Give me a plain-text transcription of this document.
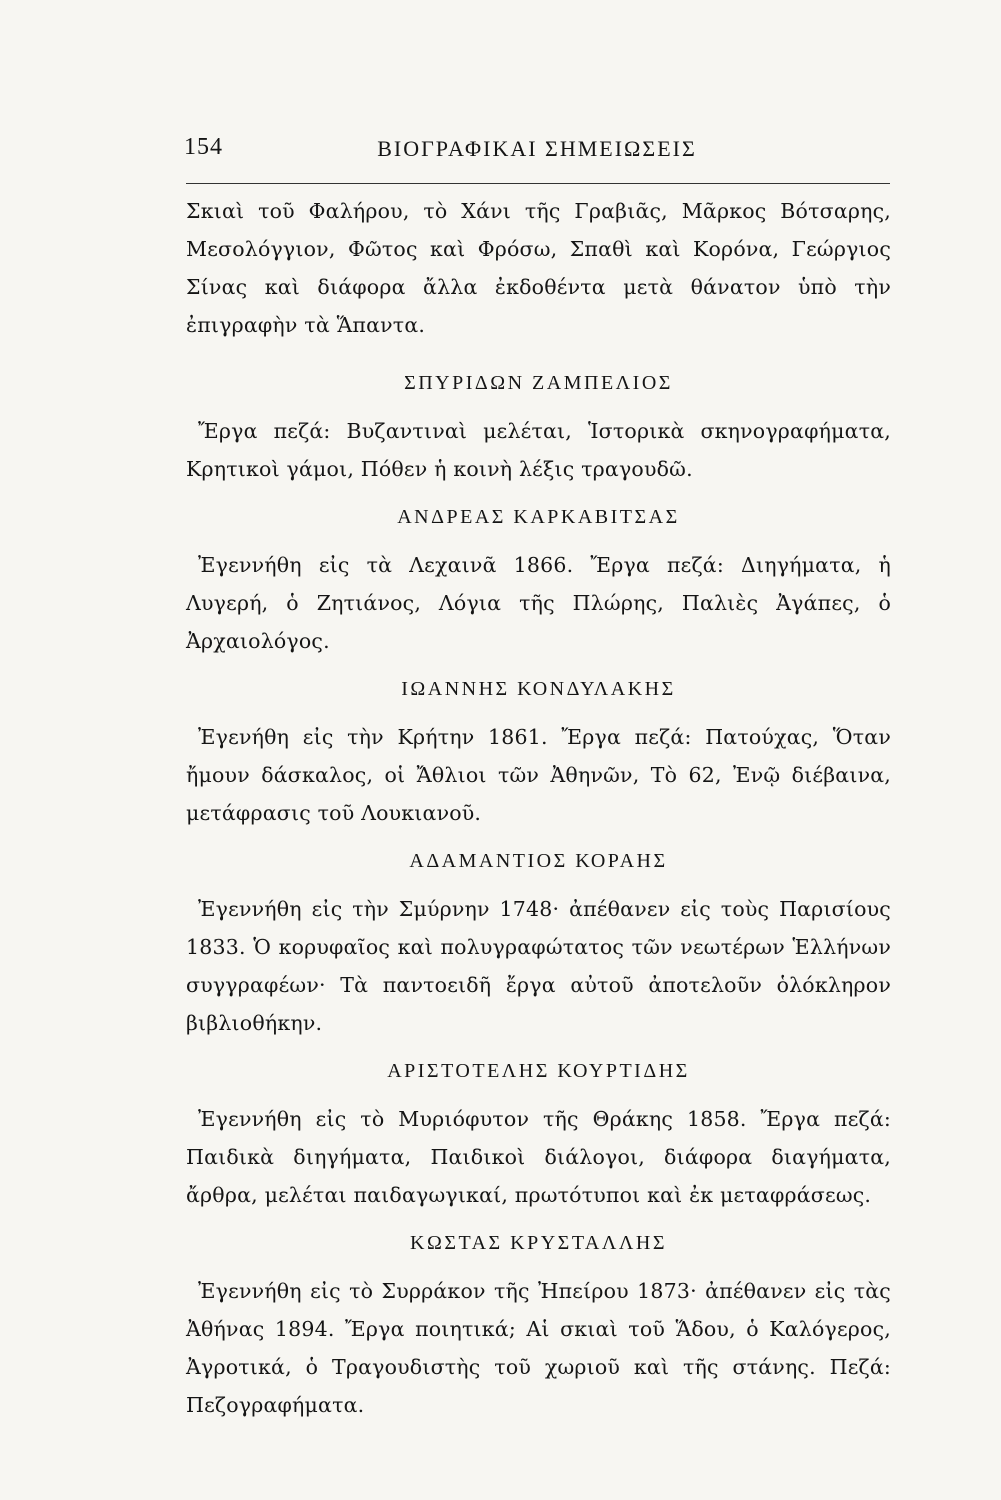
154	ΒΙΟΓΡΑΦΙΚΑΙ ΣΗΜΕΙΩΣΕΙΣ

Σκιαὶ τοῦ Φαλήρου, τὸ Χάνι τῆς Γραβιᾶς, Μᾶρκος Βότσαρης, Μεσολόγγιον, Φῶτος καὶ Φρόσω, Σπαθὶ καὶ Κορόνα, Γεώργιος Σίνας καὶ διάφορα ἄλλα ἐκδοθέντα μετὰ θάνατον ὑπὸ τὴν ἐπιγραφὴν τὰ Ἅπαντα.

ΣΠΥΡΙΔΩΝ ΖΑΜΠΕΛΙΟΣ

Ἔργα πεζά: Βυζαντιναὶ μελέται, Ἱστορικὰ σκηνογραφήματα, Κρητικοὶ γάμοι, Πόθεν ἡ κοινὴ λέξις τραγουδῶ.

ΑΝΔΡΕΑΣ ΚΑΡΚΑΒΙΤΣΑΣ

Ἐγεννήθη εἰς τὰ Λεχαινᾶ 1866. Ἔργα πεζά: Διηγήματα, ἡ Λυγερή, ὁ Ζητιάνος, Λόγια τῆς Πλώρης, Παλιὲς Ἀγάπες, ὁ Ἀρχαιολόγος.

ΙΩΑΝΝΗΣ ΚΟΝΔΥΛΑΚΗΣ

Ἐγενήθη εἰς τὴν Κρήτην 1861. Ἔργα πεζά: Πατούχας, Ὅταν ἤμουν δάσκαλος, οἱ Ἄθλιοι τῶν Ἀθηνῶν, Τὸ 62, Ἐνῷ διέβαινα, μετάφρασις τοῦ Λουκιανοῦ.

ΑΔΑΜΑΝΤΙΟΣ ΚΟΡΑΗΣ

Ἐγεννήθη εἰς τὴν Σμύρνην 1748· ἀπέθανεν εἰς τοὺς Παρισίους 1833. Ὁ κορυφαῖος καὶ πολυγραφώτατος τῶν νεωτέρων Ἑλλήνων συγγραφέων· Τὰ παντοειδῆ ἔργα αὐτοῦ ἀποτελοῦν ὁλόκληρον βιβλιοθήκην.

ΑΡΙΣΤΟΤΕΛΗΣ ΚΟΥΡΤΙΔΗΣ

Ἐγεννήθη εἰς τὸ Μυριόφυτον τῆς Θράκης 1858. Ἔργα πεζά: Παιδικὰ διηγήματα, Παιδικοὶ διάλογοι, διάφορα διαγήματα, ἄρθρα, μελέται παιδαγωγικαί, πρωτότυποι καὶ ἐκ μεταφράσεως.

ΚΩΣΤΑΣ ΚΡΥΣΤΑΛΛΗΣ

Ἐγεννήθη εἰς τὸ Συρράκον τῆς Ἠπείρου 1873· ἀπέθανεν εἰς τὰς Ἀθήνας 1894. Ἔργα ποιητικά; Αἱ σκιαὶ τοῦ Ἅδου, ὁ Καλόγερος, Ἀγροτικά, ὁ Τραγουδιστὴς τοῦ χωριοῦ καὶ τῆς στάνης. Πεζά: Πεζογραφήματα.
